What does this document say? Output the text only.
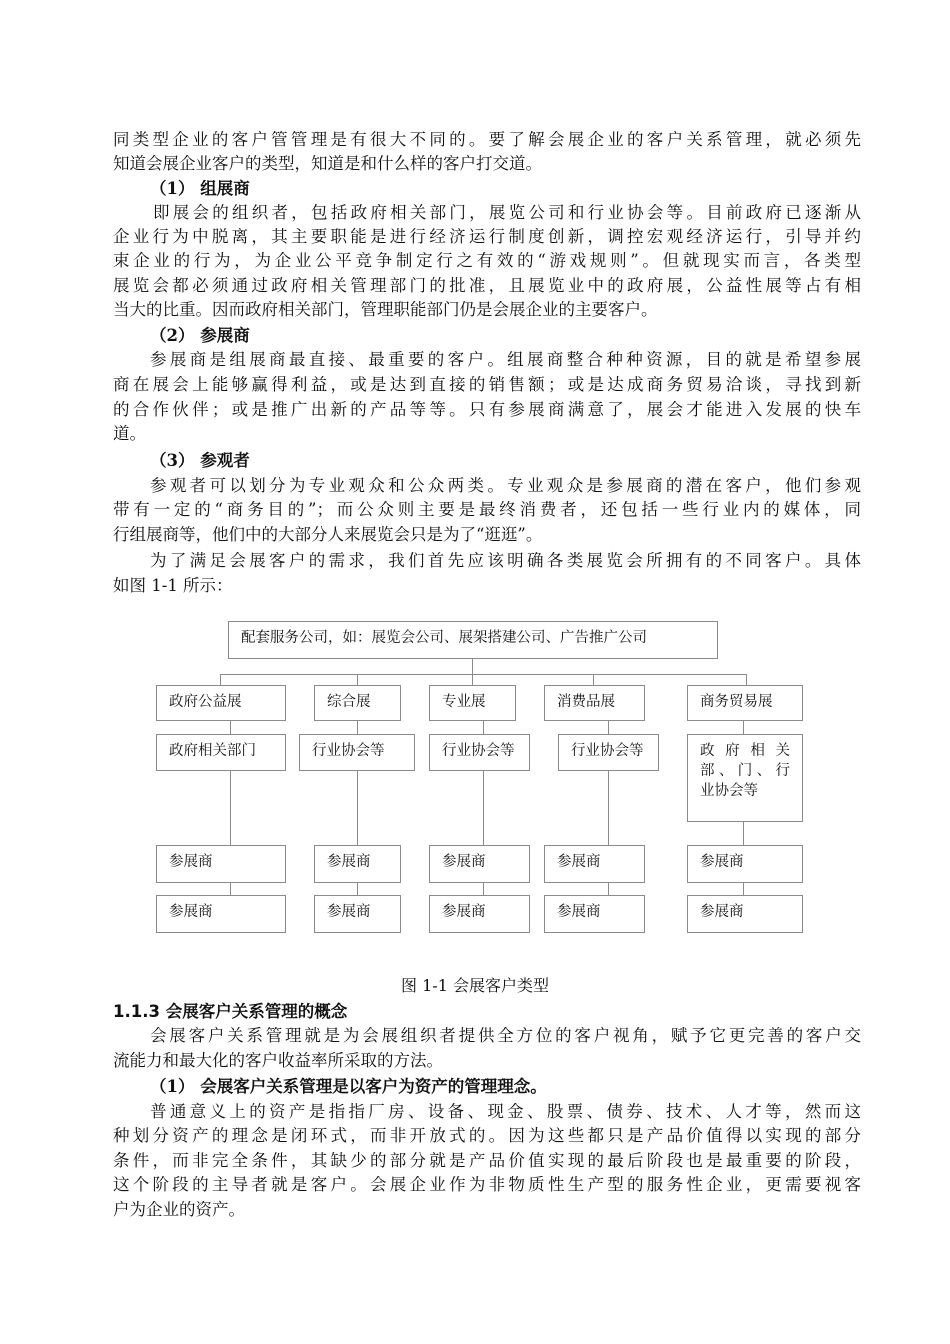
同类型企业的客户管管理是有很大不同的。要了解会展企业的客户关系管理，就必须先
知道会展企业客户的类型，知道是和什么样的客户打交道。
（1） 组展商
即展会的组织者，包括政府相关部门，展览公司和行业协会等。目前政府已逐渐从
企业行为中脱离，其主要职能是进行经济运行制度创新，调控宏观经济运行，引导并约
束企业的行为，为企业公平竞争制定行之有效的“游戏规则”。但就现实而言，各类型
展览会都必须通过政府相关管理部门的批准，且展览业中的政府展，公益性展等占有相
当大的比重。因而政府相关部门，管理职能部门仍是会展企业的主要客户。
（2） 参展商
参展商是组展商最直接、最重要的客户。组展商整合种种资源，目的就是希望参展
商在展会上能够赢得利益，或是达到直接的销售额；或是达成商务贸易洽谈，寻找到新
的合作伙伴；或是推广出新的产品等等。只有参展商满意了，展会才能进入发展的快车
道。
（3） 参观者
参观者可以划分为专业观众和公众两类。专业观众是参展商的潜在客户，他们参观
带有一定的“商务目的”；而公众则主要是最终消费者，还包括一些行业内的媒体，同
行组展商等，他们中的大部分人来展览会只是为了“逛逛”。
为了满足会展客户的需求，我们首先应该明确各类展览会所拥有的不同客户。具体
如图 1-1 所示：
配套服务公司，如：展览会公司、展架搭建公司、广告推广公司
政府公益展	综合展	专业展	消费品展	商务贸易展
政府相关部门	行业协会等	行业协会等	行业协会等	政 府 相 关
部、门、行
业协会等
参展商	参展商	参展商	参展商	参展商
参展商	参展商	参展商	参展商	参展商
图 1-1 会展客户类型
1.1.3 会展客户关系管理的概念
会展客户关系管理就是为会展组织者提供全方位的客户视角，赋予它更完善的客户交
流能力和最大化的客户收益率所采取的方法。
（1） 会展客户关系管理是以客户为资产的管理理念。
普通意义上的资产是指指厂房、设备、现金、股票、债券、技术、人才等，然而这
种划分资产的理念是闭环式，而非开放式的。因为这些都只是产品价值得以实现的部分
条件，而非完全条件，其缺少的部分就是产品价值实现的最后阶段也是最重要的阶段，
这个阶段的主导者就是客户。会展企业作为非物质性生产型的服务性企业，更需要视客
户为企业的资产。
